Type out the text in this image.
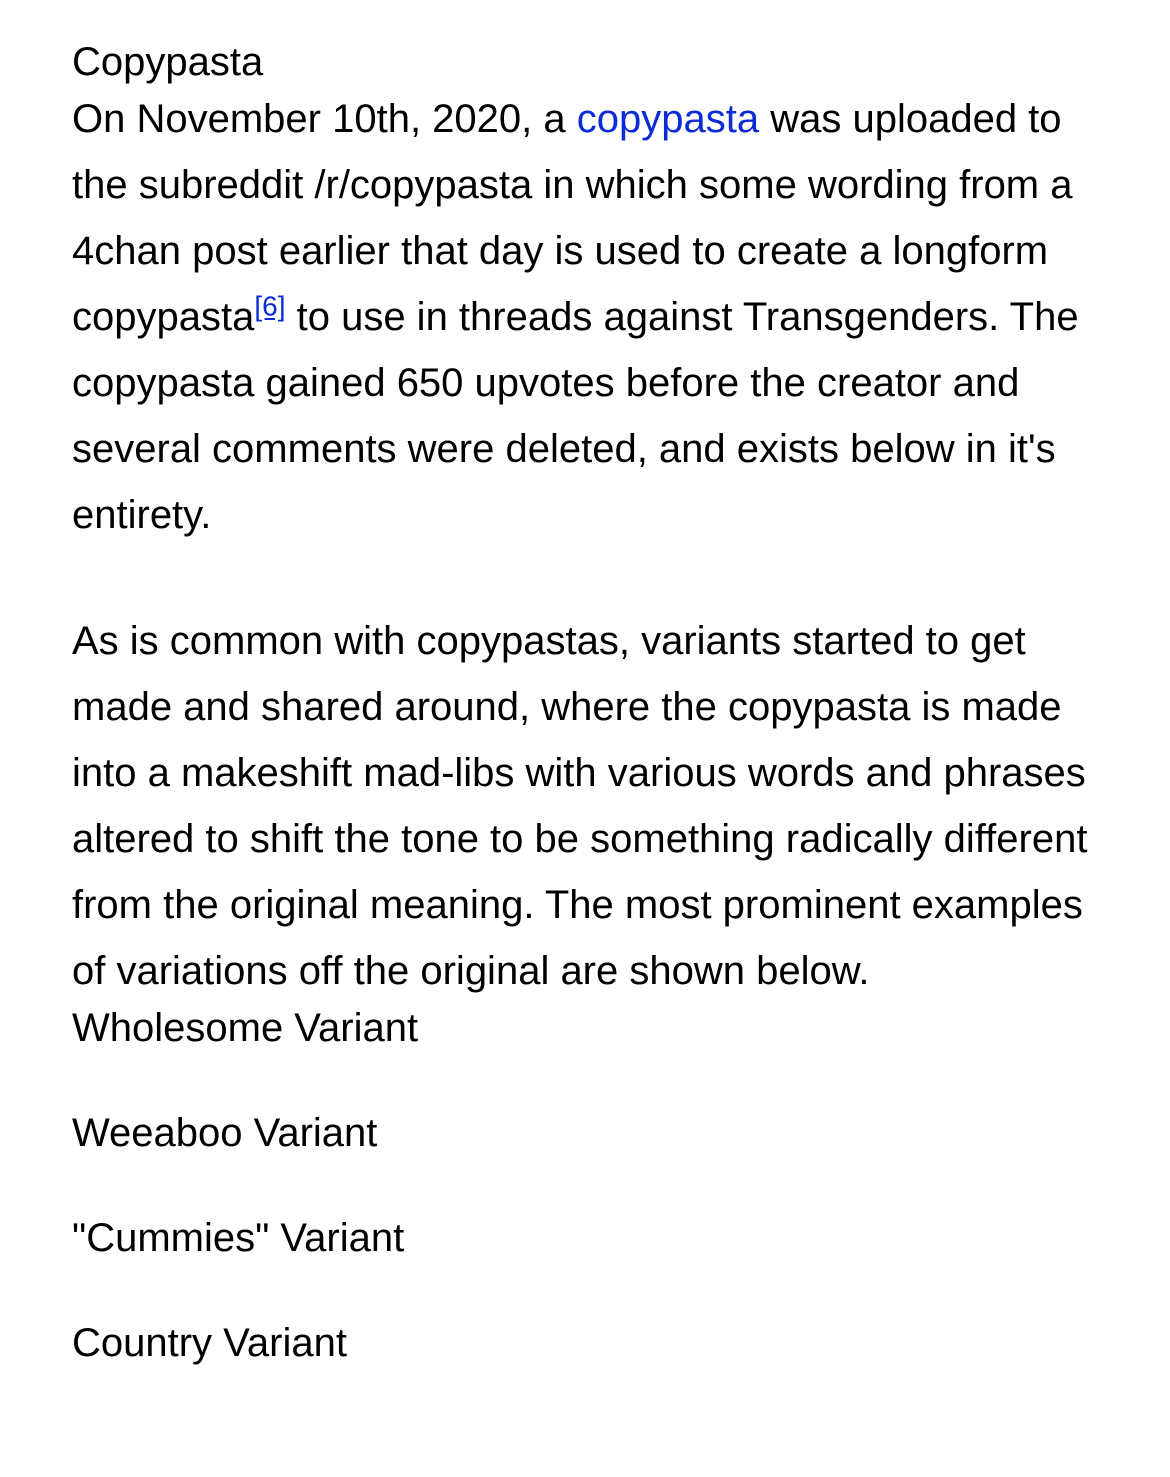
Copypasta

On November 10th, 2020, a copypasta was uploaded to the subreddit /r/copypasta in which some wording from a 4chan post earlier that day is used to create a longform copypasta[6] to use in threads against Transgenders. The copypasta gained 650 upvotes before the creator and several comments were deleted, and exists below in it's entirety.

As is common with copypastas, variants started to get made and shared around, where the copypasta is made into a makeshift mad-libs with various words and phrases altered to shift the tone to be something radically different from the original meaning. The most prominent examples of variations off the original are shown below.

Wholesome Variant

Weeaboo Variant

"Cummies" Variant

Country Variant
